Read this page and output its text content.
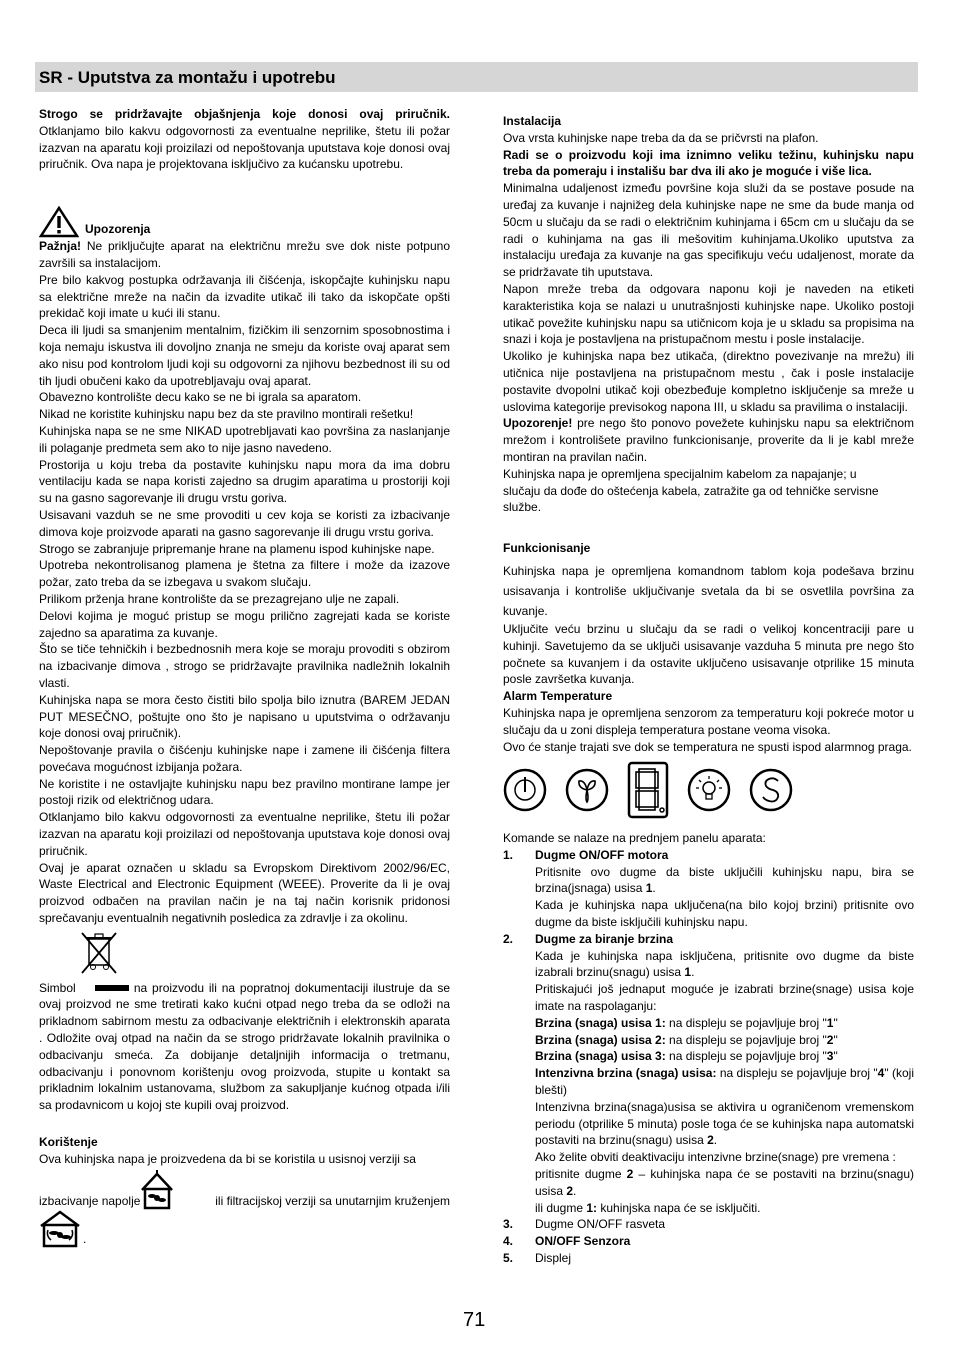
SR - Uputstva za montažu i upotrebu

Strogo se pridržavajte objašnjenja koje donosi ovaj priručnik. Otklanjamo bilo kakvu odgovornosti za eventualne neprilike, štetu ili požar izazvan na aparatu koji proizilazi od nepoštovanja uputstava koje donosi ovaj priručnik. Ova napa je projektovana isključivo za kućansku upotrebu.

Upozorenja

Pažnja! Ne priključujte aparat na električnu mrežu sve dok niste potpuno završili sa instalacijom.

Pre bilo kakvog postupka održavanja ili čišćenja, iskopčajte kuhinjsku napu sa električne mreže na način da izvadite utikač ili tako da iskopčate opšti prekidač koji imate u kući ili stanu.

Deca ili ljudi sa smanjenim mentalnim, fizičkim ili senzornim sposobnostima i koja nemaju iskustva ili dovoljno znanja ne smeju da koriste ovaj aparat sem ako nisu pod kontrolom ljudi koji su odgovorni za njihovu bezbednost ili su od tih ljudi obučeni kako da upotrebljavaju ovaj aparat.

Obavezno kontrolište decu kako se ne bi igrala sa aparatom.

Nikad ne koristite kuhinjsku napu bez da ste pravilno montirali rešetku!

Kuhinjska napa se ne sme NIKAD upotrebljavati kao površina za naslanjanje ili polaganje predmeta sem ako to nije jasno navedeno.

Prostorija u koju treba da postavite kuhinjsku napu mora da ima dobru ventilaciju kada se napa koristi zajedno sa drugim aparatima u prostoriji koji su na gasno sagorevanje ili drugu vrstu goriva.

Usisavani vazduh se ne sme provoditi u cev koja se koristi za izbacivanje dimova koje proizvode aparati na gasno sagorevanje ili drugu vrstu goriva.

Strogo se zabranjuje pripremanje hrane na plamenu ispod kuhinjske nape.

Upotreba nekontrolisanog plamena je štetna za filtere i može da izazove požar, zato treba da se izbegava u svakom slučaju.

Prilikom prženja hrane kontrolište da se prezagrejano ulje ne zapali.

Delovi kojima je moguć pristup se mogu prilično zagrejati kada se koriste zajedno sa aparatima za kuvanje.

Što se tiče tehničkih i bezbednosnih mera koje se moraju provoditi s obzirom na izbacivanje dimova , strogo se pridržavajte pravilnika nadležnih lokalnih vlasti.

Kuhinjska napa se mora često čistiti bilo spolja bilo iznutra (BAREM JEDAN PUT MESEČNO, poštujte ono što je napisano u uputstvima o održavanju koje donosi ovaj priručnik).

Nepoštovanje pravila o čišćenju kuhinjske nape i zamene ili čišćenja filtera povećava mogućnost izbijanja požara.

Ne koristite i ne ostavljajte kuhinjsku napu bez pravilno montirane lampe jer postoji rizik od električnog udara.

Otklanjamo bilo kakvu odgovornosti za eventualne neprilike, štetu ili požar izazvan na aparatu koji proizilazi od nepoštovanja uputstava koje donosi ovaj priručnik.

Ovaj je aparat označen u skladu sa Evropskom Direktivom 2002/96/EC, Waste Electrical and Electronic Equipment (WEEE). Proverite da li je ovaj proizvod odbačen na pravilan način je na taj način korisnik pridonosi sprečavanju eventualnih negativnih posledica za zdravlje i za okolinu.

Simbol	na proizvodu ili na popratnoj dokumentaciji ilustruje da se ovaj proizvod ne sme tretirati kako kućni otpad nego treba da se odloži na prikladnom sabirnom mestu za odbacivanje električnih i elektronskih aparata . Odložite ovaj otpad na način da se strogo pridržavate lokalnih pravilnika o odbacivanju smeća. Za dobijanje detaljnijih informacija o tretmanu, odbacivanju i ponovnom korištenju ovog proizvoda, stupite u kontakt sa prikladnim lokalnim ustanovama, službom za sakupljanje kućnog otpada i/ili sa prodavnicom u kojoj ste kupili ovaj proizvod.

Korištenje

Ova kuhinjska napa je proizvedena da bi se koristila u usisnoj verziji sa

izbacivanje napolje	ili filtracijskoj verziji sa unutarnjim kruženjem
.

Instalacija

Ova vrsta kuhinjske nape treba da da se pričvrsti na plafon.

Radi se o proizvodu koji ima iznimno veliku težinu, kuhinjsku napu treba da pomeraju i instališu bar dva ili ako je moguće i više lica.

Minimalna udaljenost između površine koja služi da se postave posude na uređaj za kuvanje i najnižeg dela kuhinjske nape ne sme da bude manja od 50cm u slučaju da se radi o električnim kuhinjama i 65cm cm u slučaju da se radi o kuhinjama na gas ili mešovitim kuhinjama.Ukoliko uputstva za instalaciju uređaja za kuvanje na gas specifikuju veću udaljenost, morate da se pridržavate tih uputstava.

Napon mreže treba da odgovara naponu koji je naveden na etiketi karakteristika koja se nalazi u unutrašnjosti kuhinjske nape. Ukoliko postoji utikač povežite kuhinjsku napu sa utičnicom koja je u skladu sa propisima na snazi i koja je postavljena na pristupačnom mestu i posle instalacije.

Ukoliko je kuhinjska napa bez utikača, (direktno povezivanje na mrežu) ili utičnica nije postavljena na pristupačnom mestu , čak i posle instalacije postavite dvopolni utikač koji obezbeđuje kompletno isključenje sa mreže u uslovima kategorije previsokog napona III, u skladu sa pravilima o instalaciji.

Upozorenje! pre nego što ponovo povežete kuhinjsku napu sa električnom mrežom i kontrolišete pravilno funkcionisanje, proverite da li je kabl mreže montiran na pravilan način.

Kuhinjska napa je opremljena specijalnim kabelom za napajanje; u slučaju da dođe do oštećenja kabela, zatražite ga od tehničke servisne službe.

Funkcionisanje

Kuhinjska napa je opremljena komandnom tablom koja podešava brzinu usisavanja i kontroliše uključivanje svetala da bi se osvetlila površina za kuvanje.

Uključite veću brzinu u slučaju da se radi o velikoj koncentraciji pare u kuhinji. Savetujemo da se uključi usisavanje vazduha 5 minuta pre nego što počnete sa kuvanjem i da ostavite uključeno usisavanje otprilike 15 minuta posle završetka kuvanja.

Alarm Temperature

Kuhinjska napa je opremljena senzorom za temperaturu koji pokreće motor u slučaju da u zoni displeja temperatura postane veoma visoka.

Ovo će stanje trajati sve dok se temperatura ne spusti ispod alarmnog praga.

Komande se nalaze na prednjem panelu aparata:

1. Dugme ON/OFF motora

Pritisnite ovo dugme da biste uključili kuhinjsku napu, bira se brzina(jsnaga) usisa 1.

Kada je kuhinjska napa uključena(na bilo kojoj brzini) pritisnite ovo dugme da biste isključili kuhinjsku napu.

2. Dugme za biranje brzina

Kada je kuhinjska napa isključena, pritisnite ovo dugme da biste izabrali brzinu(snagu) usisa 1.

Pritiskajući još jednaput moguće je izabrati brzine(snage) usisa koje imate na raspolaganju:

Brzina (snaga) usisa 1: na displeju se pojavljuje broj "1"

Brzina (snaga) usisa 2: na displeju se pojavljuje broj "2"

Brzina (snaga) usisa 3: na displeju se pojavljuje broj "3"

Intenzivna brzina (snaga) usisa: na displeju se pojavljuje broj "4" (koji blešti)

Intenzivna brzina(snaga)usisa se aktivira u ograničenom vremenskom periodu (otprilike 5 minuta) posle toga će se kuhinjska napa automatski postaviti na brzinu(snagu) usisa 2.

Ako želite obviti deaktivaciju intenzivne brzine(snage) pre vremena :

pritisnite dugme 2 – kuhinjska napa će se postaviti na brzinu(snagu) usisa 2.

ili dugme 1: kuhinjska napa će se isključiti.

3. Dugme ON/OFF rasveta
4. ON/OFF Senzora
5. Displej
71
